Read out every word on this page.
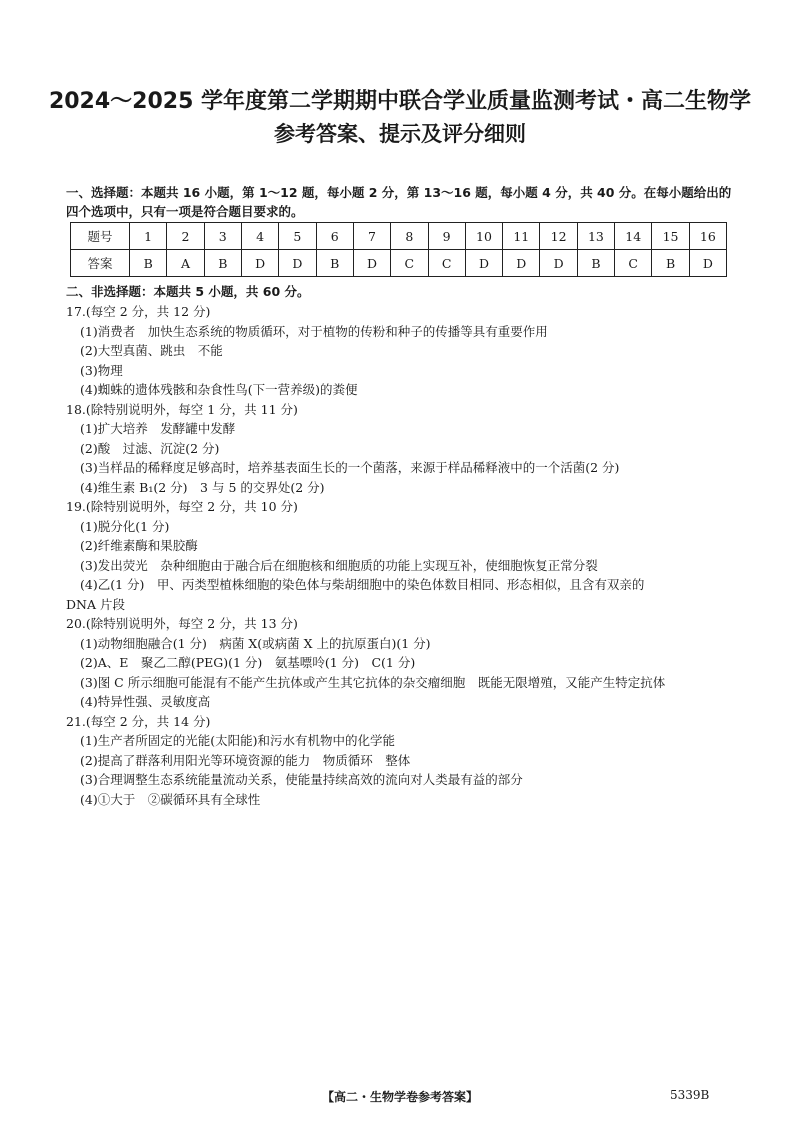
2024～2025 学年度第二学期期中联合学业质量监测考试・高二生物学
参考答案、提示及评分细则
一、选择题：本题共 16 小题，第 1～12 题，每小题 2 分，第 13～16 题，每小题 4 分，共 40 分。在每小题给出的四个选项中，只有一项是符合题目要求的。
题号	1	2	3	4	5	6	7	8	9	10	11	12	13	14	15	16
答案	B	A	B	D	D	B	D	C	C	D	D	D	B	C	B	D
二、非选择题：本题共 5 小题，共 60 分。
17.(每空 2 分，共 12 分)
(1)消费者　加快生态系统的物质循环，对于植物的传粉和种子的传播等具有重要作用
(2)大型真菌、跳虫　不能
(3)物理
(4)蜘蛛的遗体残骸和杂食性鸟(下一营养级)的粪便
18.(除特别说明外，每空 1 分，共 11 分)
(1)扩大培养　发酵罐中发酵
(2)酸　过滤、沉淀(2 分)
(3)当样品的稀释度足够高时，培养基表面生长的一个菌落，来源于样品稀释液中的一个活菌(2 分)
(4)维生素 B₁(2 分)　3 与 5 的交界处(2 分)
19.(除特别说明外，每空 2 分，共 10 分)
(1)脱分化(1 分)
(2)纤维素酶和果胶酶
(3)发出荧光　杂种细胞由于融合后在细胞核和细胞质的功能上实现互补，使细胞恢复正常分裂
(4)乙(1 分)　甲、丙类型植株细胞的染色体与柴胡细胞中的染色体数目相同、形态相似，且含有双亲的
DNA 片段
20.(除特别说明外，每空 2 分，共 13 分)
(1)动物细胞融合(1 分)　病菌 X(或病菌 X 上的抗原蛋白)(1 分)
(2)A、E　聚乙二醇(PEG)(1 分)　氨基嘌呤(1 分)　C(1 分)
(3)图 C 所示细胞可能混有不能产生抗体或产生其它抗体的杂交瘤细胞　既能无限增殖，又能产生特定抗体
(4)特异性强、灵敏度高
21.(每空 2 分，共 14 分)
(1)生产者所固定的光能(太阳能)和污水有机物中的化学能
(2)提高了群落利用阳光等环境资源的能力　物质循环　整体
(3)合理调整生态系统能量流动关系，使能量持续高效的流向对人类最有益的部分
(4)①大于　②碳循环具有全球性
【高二・生物学卷参考答案】	5339B
